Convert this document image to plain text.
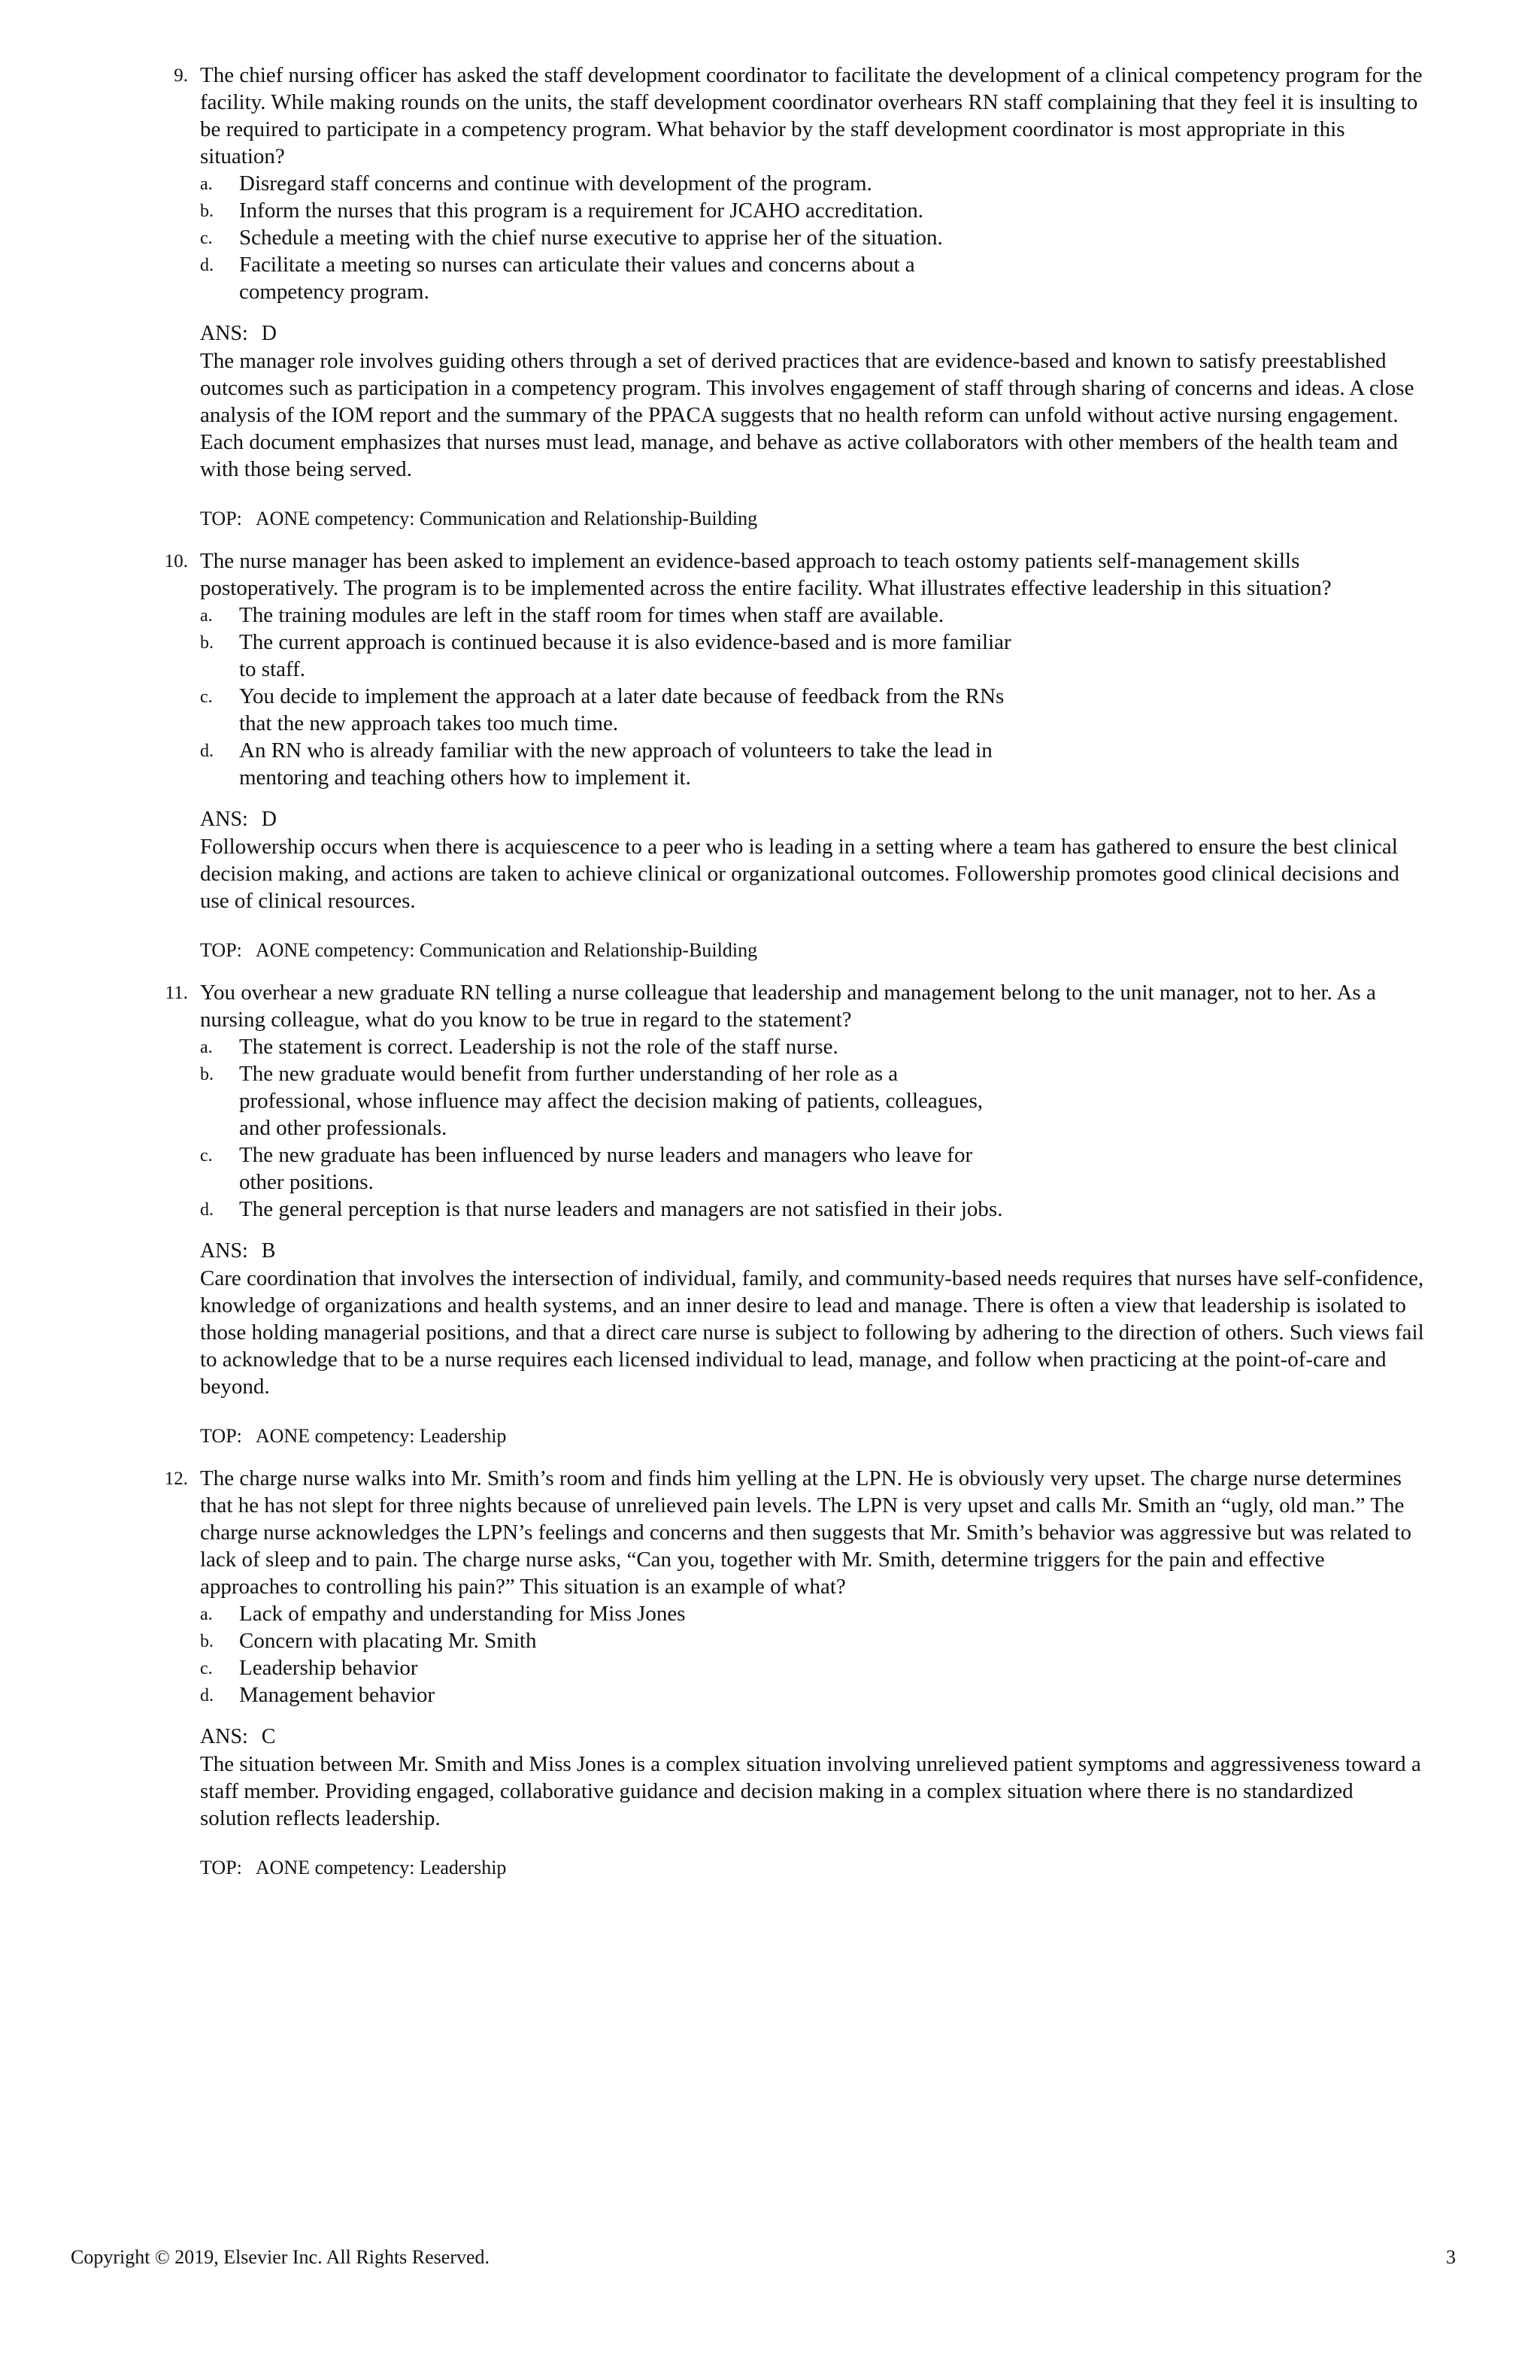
9. The chief nursing officer has asked the staff development coordinator to facilitate the development of a clinical competency program for the facility. While making rounds on the units, the staff development coordinator overhears RN staff complaining that they feel it is insulting to be required to participate in a competency program. What behavior by the staff development coordinator is most appropriate in this situation?

a. Disregard staff concerns and continue with development of the program.
b. Inform the nurses that this program is a requirement for JCAHO accreditation.
c. Schedule a meeting with the chief nurse executive to apprise her of the situation.
d. Facilitate a meeting so nurses can articulate their values and concerns about a competency program.
ANS: D

The manager role involves guiding others through a set of derived practices that are evidence-based and known to satisfy preestablished outcomes such as participation in a competency program. This involves engagement of staff through sharing of concerns and ideas. A close analysis of the IOM report and the summary of the PPACA suggests that no health reform can unfold without active nursing engagement. Each document emphasizes that nurses must lead, manage, and behave as active collaborators with other members of the health team and with those being served.

TOP: AONE competency: Communication and Relationship-Building
10. The nurse manager has been asked to implement an evidence-based approach to teach ostomy patients self-management skills postoperatively. The program is to be implemented across the entire facility. What illustrates effective leadership in this situation?

a. The training modules are left in the staff room for times when staff are available.
b. The current approach is continued because it is also evidence-based and is more familiar to staff.
c. You decide to implement the approach at a later date because of feedback from the RNs that the new approach takes too much time.
d. An RN who is already familiar with the new approach of volunteers to take the lead in mentoring and teaching others how to implement it.
ANS: D

Followership occurs when there is acquiescence to a peer who is leading in a setting where a team has gathered to ensure the best clinical decision making, and actions are taken to achieve clinical or organizational outcomes. Followership promotes good clinical decisions and use of clinical resources.

TOP: AONE competency: Communication and Relationship-Building
11. You overhear a new graduate RN telling a nurse colleague that leadership and management belong to the unit manager, not to her. As a nursing colleague, what do you know to be true in regard to the statement?

a. The statement is correct. Leadership is not the role of the staff nurse.
b. The new graduate would benefit from further understanding of her role as a professional, whose influence may affect the decision making of patients, colleagues, and other professionals.
c. The new graduate has been influenced by nurse leaders and managers who leave for other positions.
d. The general perception is that nurse leaders and managers are not satisfied in their jobs.
ANS: B

Care coordination that involves the intersection of individual, family, and community-based needs requires that nurses have self-confidence, knowledge of organizations and health systems, and an inner desire to lead and manage. There is often a view that leadership is isolated to those holding managerial positions, and that a direct care nurse is subject to following by adhering to the direction of others. Such views fail to acknowledge that to be a nurse requires each licensed individual to lead, manage, and follow when practicing at the point-of-care and beyond.

TOP: AONE competency: Leadership
12. The charge nurse walks into Mr. Smith’s room and finds him yelling at the LPN. He is obviously very upset. The charge nurse determines that he has not slept for three nights because of unrelieved pain levels. The LPN is very upset and calls Mr. Smith an “ugly, old man.” The charge nurse acknowledges the LPN’s feelings and concerns and then suggests that Mr. Smith’s behavior was aggressive but was related to lack of sleep and to pain. The charge nurse asks, “Can you, together with Mr. Smith, determine triggers for the pain and effective approaches to controlling his pain?” This situation is an example of what?

a. Lack of empathy and understanding for Miss Jones
b. Concern with placating Mr. Smith
c. Leadership behavior
d. Management behavior
ANS: C

The situation between Mr. Smith and Miss Jones is a complex situation involving unrelieved patient symptoms and aggressiveness toward a staff member. Providing engaged, collaborative guidance and decision making in a complex situation where there is no standardized solution reflects leadership.

TOP: AONE competency: Leadership
Copyright © 2019, Elsevier Inc. All Rights Reserved.	3
